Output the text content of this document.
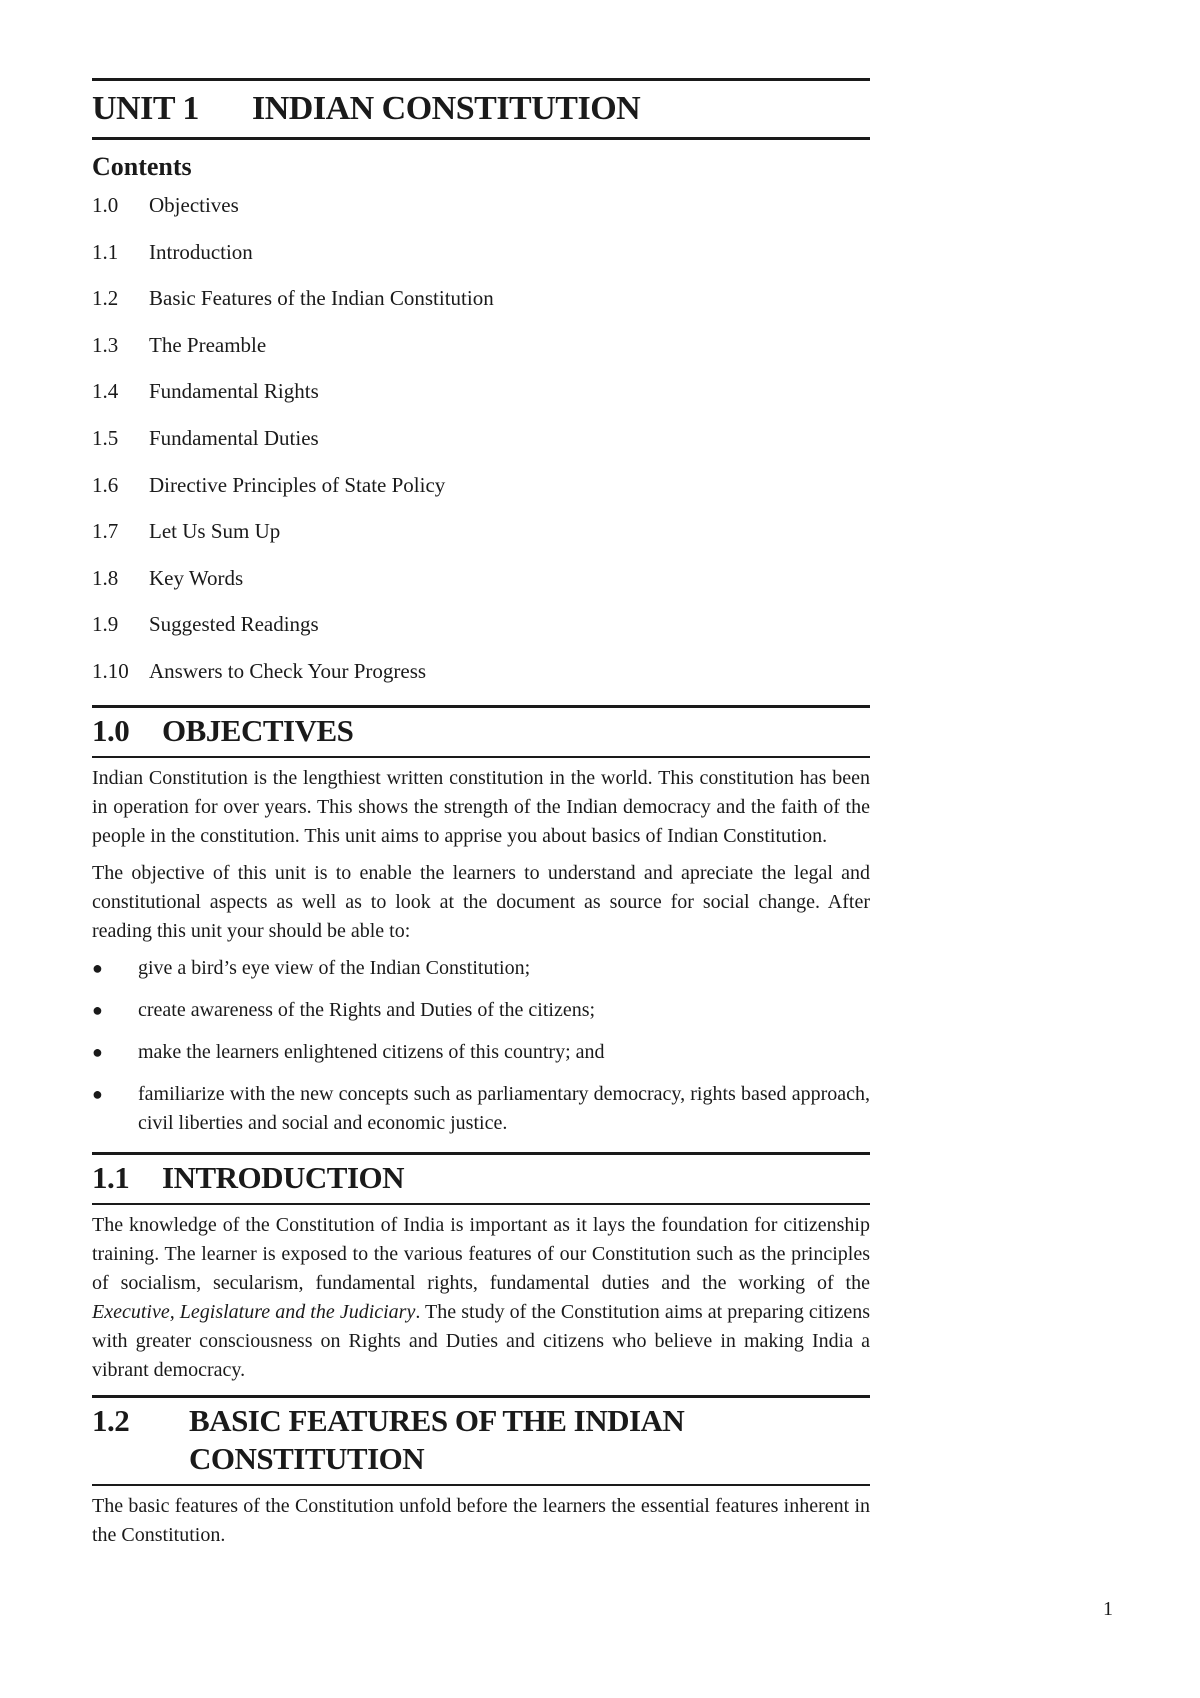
UNIT 1 INDIAN CONSTITUTION
Contents
1.0	Objectives
1.1	Introduction
1.2	Basic Features of the Indian Constitution
1.3	The Preamble
1.4	Fundamental Rights
1.5	Fundamental Duties
1.6	Directive Principles of State Policy
1.7	Let Us Sum Up
1.8	Key Words
1.9	Suggested Readings
1.10 Answers to Check Your Progress
1.0	OBJECTIVES

Indian Constitution is the lengthiest written constitution in the world. This constitution has been in operation for over years. This shows the strength of the Indian democracy and the faith of the people in the constitution. This unit aims to apprise you about basics of Indian Constitution.

The objective of this unit is to enable the learners to understand and apreciate the legal and constitutional aspects as well as to look at the document as source for social change. After reading this unit your should be able to:

●	give a bird’s eye view of the Indian Constitution;
●	create awareness of the Rights and Duties of the citizens;
●	make the learners enlightened citizens of this country; and
●	familiarize with the new concepts such as parliamentary democracy, rights based approach, civil liberties and social and economic justice.
1.1	INTRODUCTION

The knowledge of the Constitution of India is important as it lays the foundation for citizenship training. The learner is exposed to the various features of our Constitution such as the principles of socialism, secularism, fundamental rights, fundamental duties and the working of the Executive, Legislature and the Judiciary. The study of the Constitution aims at preparing citizens with greater consciousness on Rights and Duties and citizens who believe in making India a vibrant democracy.

1.2	BASIC FEATURES OF THE INDIAN
CONSTITUTION

The basic features of the Constitution unfold before the learners the essential features inherent in the Constitution.

1
